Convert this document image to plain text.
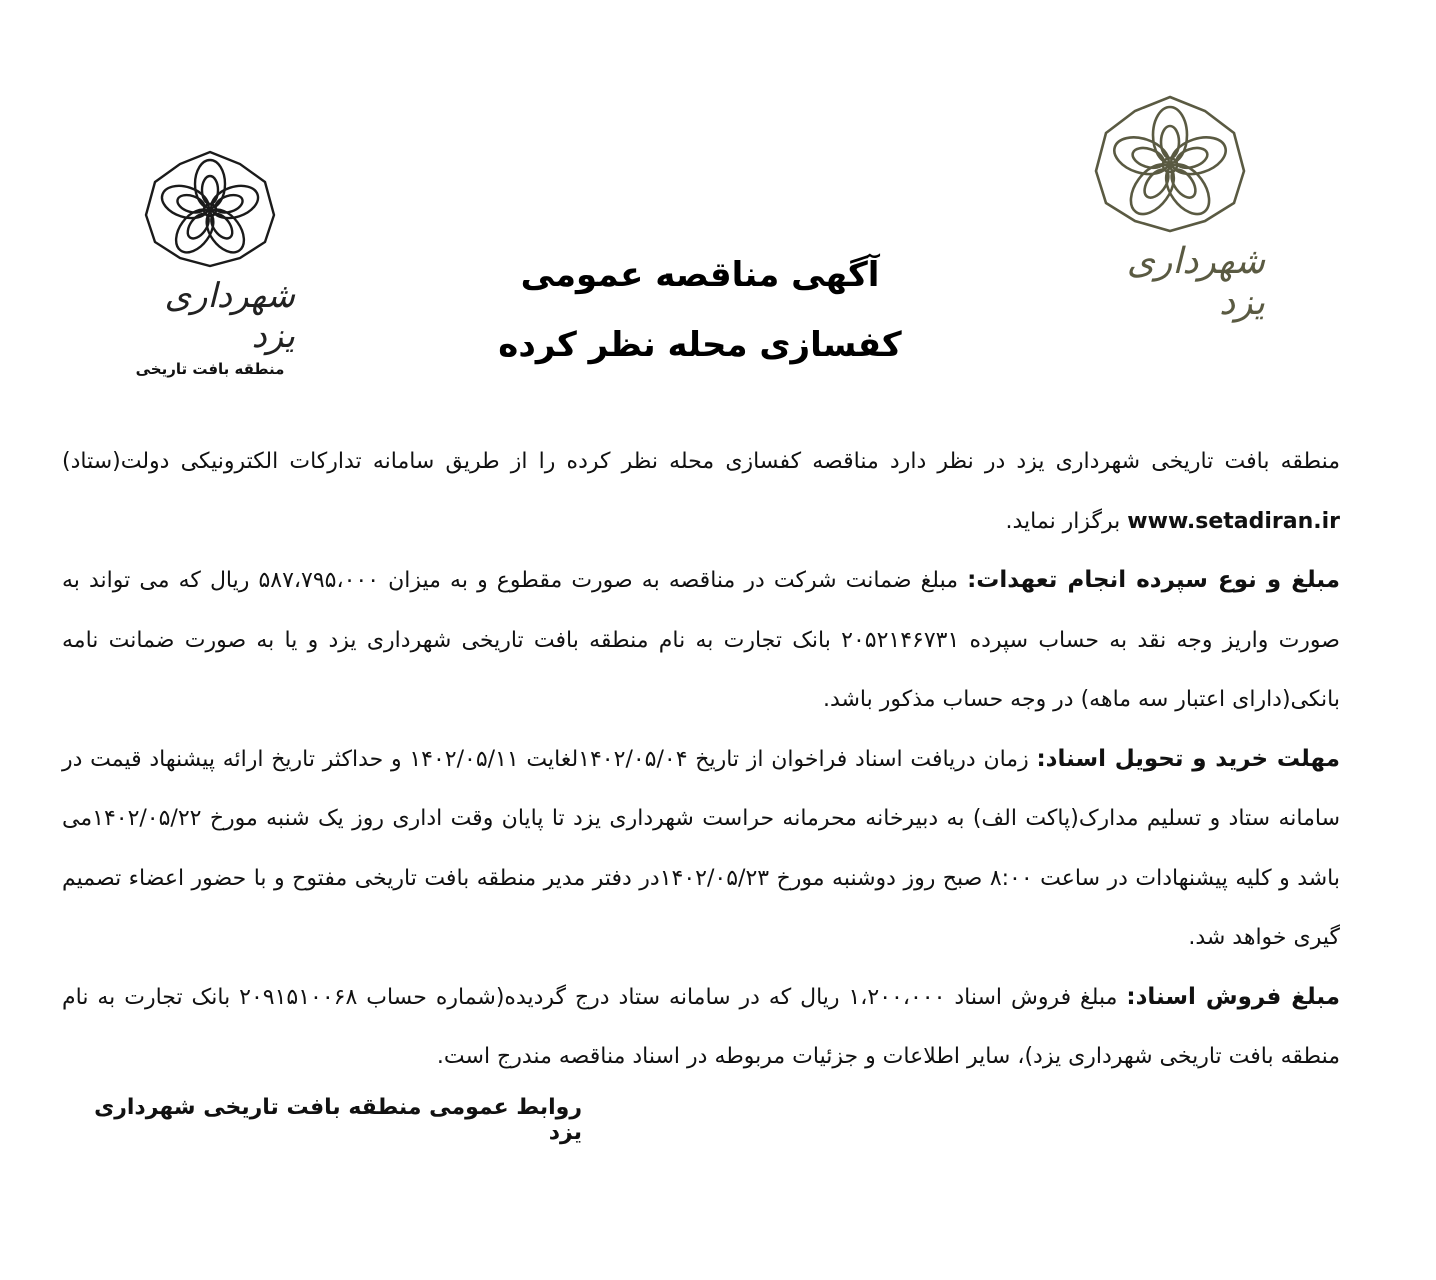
شهرداری یزد
منطقه بافت تاریخی
شهرداری یزد
آگهی مناقصه عمومی
کفسازی محله نظر کرده

منطقه بافت تاریخی شهرداری یزد در نظر دارد مناقصه کفسازی محله نظر کرده را از طریق سامانه تدارکات الکترونیکی دولت(ستاد) www.setadiran.ir برگزار نماید.

مبلغ و نوع سپرده انجام تعهدات: مبلغ ضمانت شرکت در مناقصه به صورت مقطوع و به میزان ۵۸۷،۷۹۵،۰۰۰ ریال که می تواند به صورت واریز وجه نقد به حساب سپرده ۲۰۵۲۱۴۶۷۳۱ بانک تجارت به نام منطقه بافت تاریخی شهرداری یزد و یا به صورت ضمانت نامه بانکی(دارای اعتبار سه ماهه) در وجه حساب مذکور باشد.

مهلت خرید و تحویل اسناد: زمان دریافت اسناد فراخوان از تاریخ ۱۴۰۲/۰۵/۰۴لغایت ۱۴۰۲/۰۵/۱۱ و حداکثر تاریخ ارائه پیشنهاد قیمت در سامانه ستاد و تسلیم مدارک(پاکت الف) به دبیرخانه محرمانه حراست شهرداری یزد تا پایان وقت اداری روز یک شنبه مورخ ۱۴۰۲/۰۵/۲۲می باشد و کلیه پیشنهادات در ساعت ۸:۰۰ صبح روز دوشنبه مورخ ۱۴۰۲/۰۵/۲۳در دفتر مدیر منطقه بافت تاریخی مفتوح و با حضور اعضاء تصمیم گیری خواهد شد.

مبلغ فروش اسناد: مبلغ فروش اسناد ۱،۲۰۰،۰۰۰ ریال که در سامانه ستاد درج گردیده(شماره حساب ۲۰۹۱۵۱۰۰۶۸ بانک تجارت به نام منطقه بافت تاریخی شهرداری یزد)، سایر اطلاعات و جزئیات مربوطه در اسناد مناقصه مندرج است.

روابط عمومی منطقه بافت تاریخی شهرداری یزد
